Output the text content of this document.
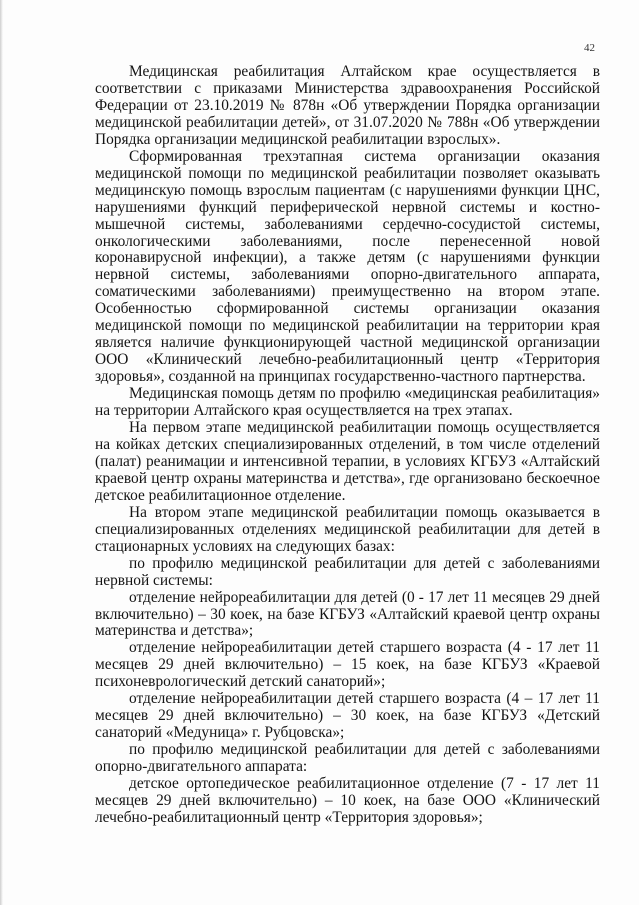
42

Медицинская реабилитация Алтайском крае осуществляется в соответствии с приказами Министерства здравоохранения Российской Федерации от 23.10.2019 № 878н «Об утверждении Порядка организации медицинской реабилитации детей», от 31.07.2020 № 788н «Об утверждении Порядка организации медицинской реабилитации взрослых».

Сформированная трехэтапная система организации оказания медицинской помощи по медицинской реабилитации позволяет оказывать медицинскую помощь взрослым пациентам (с нарушениями функции ЦНС, нарушениями функций периферической нервной системы и костно-мышечной системы, заболеваниями сердечно-сосудистой системы, онкологическими заболеваниями, после перенесенной новой коронавирусной инфекции), а также детям (с нарушениями функции нервной системы, заболеваниями опорно-двигательного аппарата, соматическими заболеваниями) преимущественно на втором этапе. Особенностью сформированной системы организации оказания медицинской помощи по медицинской реабилитации на территории края является наличие функционирующей частной медицинской организации ООО «Клинический лечебно-реабилитационный центр «Территория здоровья», созданной на принципах государственно-частного партнерства.

Медицинская помощь детям по профилю «медицинская реабилитация» на территории Алтайского края осуществляется на трех этапах.

На первом этапе медицинской реабилитации помощь осуществляется на койках детских специализированных отделений, в том числе отделений (палат) реанимации и интенсивной терапии, в условиях КГБУЗ «Алтайский краевой центр охраны материнства и детства», где организовано бескоечное детское реабилитационное отделение.

На втором этапе медицинской реабилитации помощь оказывается в специализированных отделениях медицинской реабилитации для детей в стационарных условиях на следующих базах:

по профилю медицинской реабилитации для детей с заболеваниями нервной системы:

отделение нейрореабилитации для детей (0 - 17 лет 11 месяцев 29 дней включительно) – 30 коек, на базе КГБУЗ «Алтайский краевой центр охраны материнства и детства»;

отделение нейрореабилитации детей старшего возраста (4 - 17 лет 11 месяцев 29 дней включительно) – 15 коек, на базе КГБУЗ «Краевой психоневрологический детский санаторий»;

отделение нейрореабилитации детей старшего возраста (4 – 17 лет 11 месяцев 29 дней включительно) – 30 коек, на базе КГБУЗ «Детский санаторий «Медуница» г. Рубцовска»;

по профилю медицинской реабилитации для детей с заболеваниями опорно-двигательного аппарата:

детское ортопедическое реабилитационное отделение (7 - 17 лет 11 месяцев 29 дней включительно) – 10 коек, на базе ООО «Клинический лечебно-реабилитационный центр «Территория здоровья»;
